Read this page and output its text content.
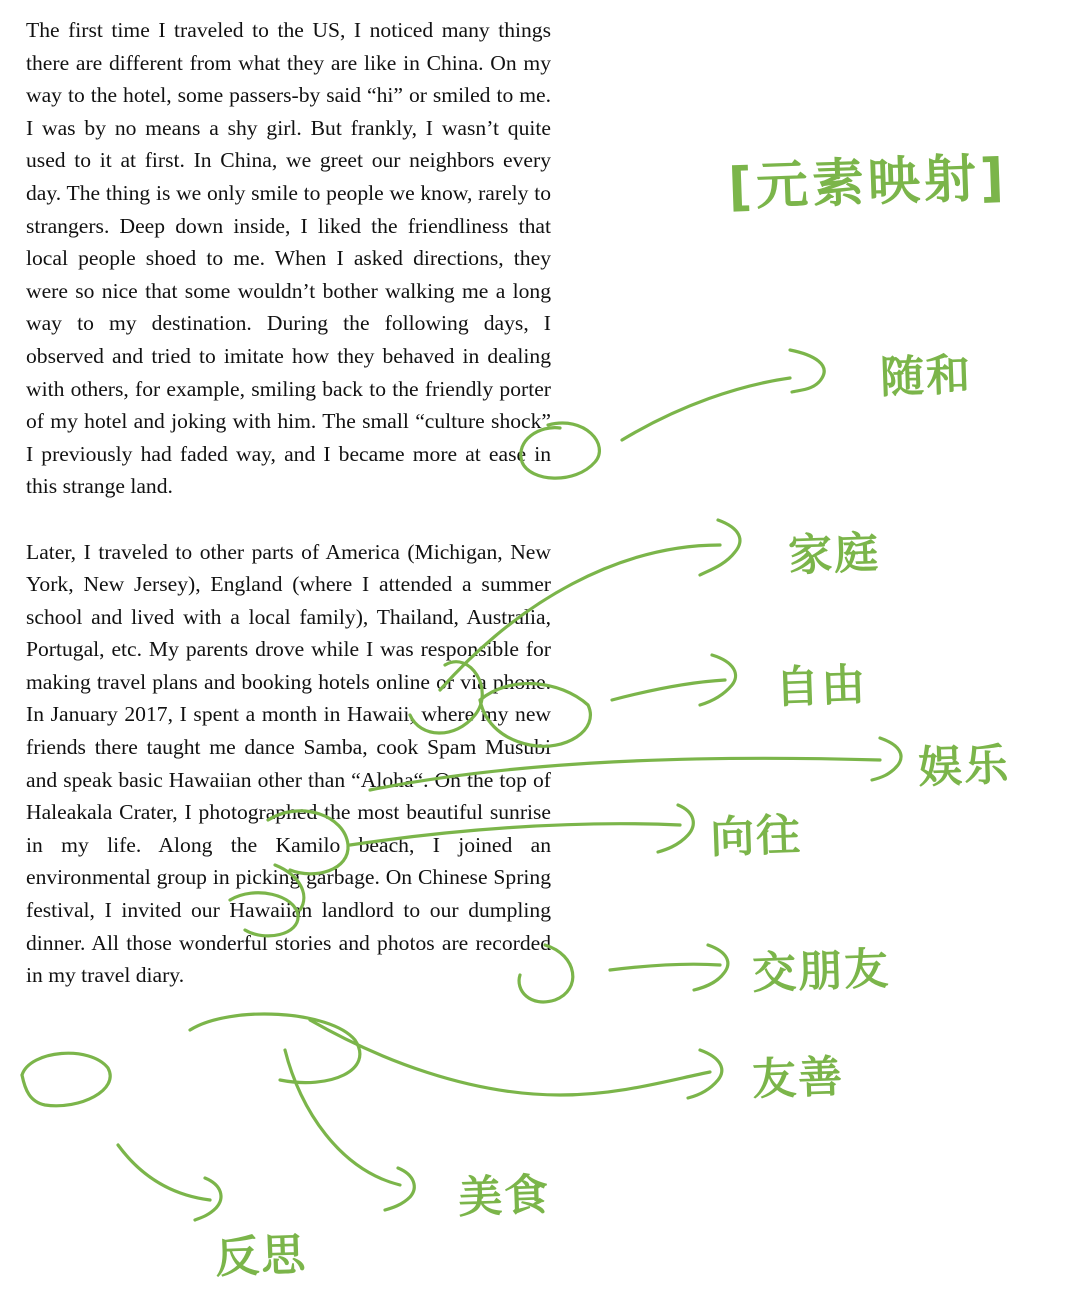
The first time I traveled to the US, I noticed many things there are different from what they are like in China. On my way to the hotel, some passers-by said “hi” or smiled to me. I was by no means a shy girl. But frankly, I wasn’t quite used to it at first. In China, we greet our neighbors every day. The thing is we only smile to people we know, rarely to strangers. Deep down inside, I liked the friendliness that local people shoed to me. When I asked directions, they were so nice that some wouldn’t bother walking me a long way to my destination. During the following days, I observed and tried to imitate how they behaved in dealing with others, for example, smiling back to the friendly porter of my hotel and joking with him. The small “culture shock” I previously had faded way, and I became more at ease in this strange land.

Later, I traveled to other parts of America (Michigan, New York, New Jersey), England (where I attended a summer school and lived with a local family), Thailand, Australia, Portugal, etc. My parents drove while I was responsible for making travel plans and booking hotels online or via phone. In January 2017, I spent a month in Hawaii, where my new friends there taught me dance Samba, cook Spam Musubi and speak basic Hawaiian other than “Aloha“. On the top of Haleakala Crater, I photographed the most beautiful sunrise in my life. Along the Kamilo beach, I joined an environmental group in picking garbage. On Chinese Spring festival, I invited our Hawaiian landlord to our dumpling dinner. All those wonderful stories and photos are recorded in my travel diary.

[元素映射]
随和
家庭
自由
娱乐
向往
交朋友
友善
美食
反思
